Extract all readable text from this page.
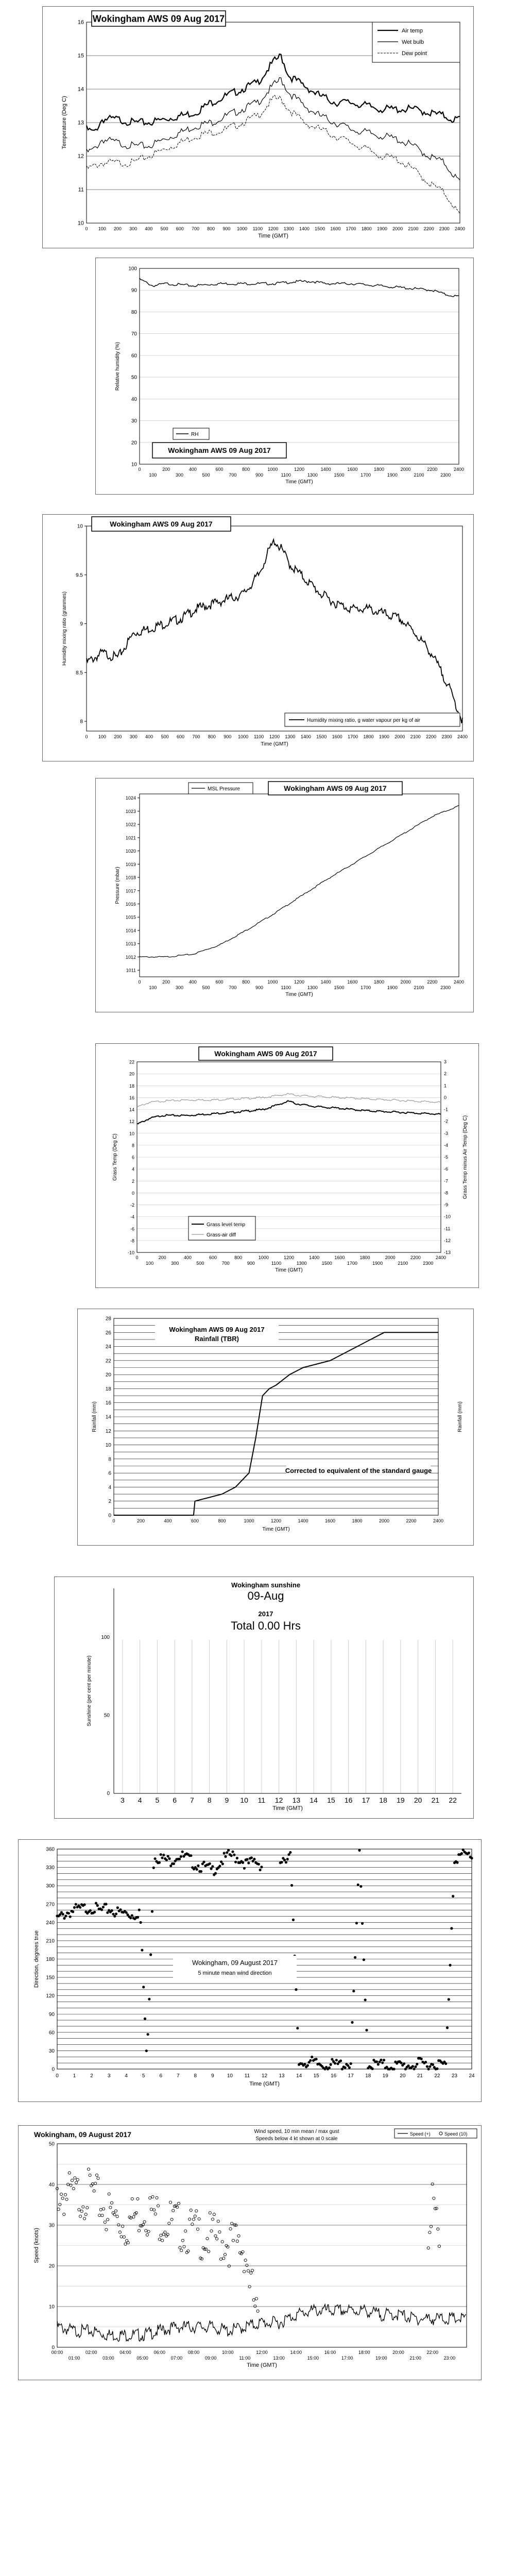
16
15
14
13
12
11
10
0 100 200 300 400 500 600 700 800 900 1000 1100 1200 1300 1400 1500 1600 1700 1800 1900 2000 2100 2200 2300 2400
Time (GMT)
Temperature (Deg C)
Wokingham AWS 09 Aug 2017
Air temp
Wet bulb
Dew point
100
90
80
70
60
50
40
30
20
10
0	200	400	600	800	1000	1200	1400	1600	1800	2000	2200	2400
100	300	500	700	900	1100	1300	1500	1700	1900	2100	2300
Time (GMT)
Relative humidity (%)
RH
Wokingham AWS 09 Aug 2017
10
9.5
9
8.5
8
0 100 200 300 400 500 600 700 800 900 1000 1100 1200 1300 1400 1500 1600 1700 1800 1900 2000 2100 2200 2300 2400
Time (GMT)
Humidity mixing ratio (grammes)
Wokingham AWS 09 Aug 2017
Humidity mixing ratio, g water vapour per kg of air
1024
1023
1022
1021
1020
1019
1018
1017
1016
1015
1014
1013
1012
1011
0	200	400	600	800	1000	1200	1400	1600	1800	2000	2200	2400
100	300	500	700	900	1100	1300	1500	1700	1900	2100	2300
Time (GMT)
Pressure (mbar)
MSL Pressure	Wokingham AWS 09 Aug 2017
22
20
18
16
14
12
10
8
6
4
2
0
-2
-4
-6
-8
-10
3
2
1
0
-1
-2
-3
-4
-5
-6
-7
-8
-9
-10
-11
-12
-13
0	200	400	600	800	1000	1200	1400	1600	1800	2000	2200	2400
100	300	500	700	900	1100	1300	1500	1700	1900	2100	2300
Time (GMT)
Grass Temp (Deg C)	Grass Temp minus Air Temp (Deg C)
Wokingham AWS 09 Aug 2017
Grass level temp
Grass-air diff
28
26
24
22
20
18
16
14
12
10
8
6
4
2
0
0	200	400	600	800	1000	1200	1400	1600	1800	2000	2200	2400
Time (GMT)
Rainfall (mm)	Rainfall (mm)
Wokingham AWS 09 Aug 2017
Rainfall (TBR)
Corrected to equivalent of the standard gauge
3 4 5 6 7 8 9 10 11 12 13 14 15 16 17 18 19 20 21 22
100
50
0
Time (GMT)
Sunshine (per cent per minute)
Wokingham sunshine
09-Aug
2017
Total 0.00 Hrs
360
330
300
270
240
210
180
150
120
90
60
30
0
0	1	2	3	4	5	6	7	8	9	10 11 12 13 14 15 16 17 18 19 20 21 22 23 24
Time (GMT)
Direction, degrees true	Wokingham, 09 August 2017
5 minute mean wind direction
50
40
30
20
10
0
00:00	02:00	04:00	06:00	08:00	10:00	12:00	14:00	16:00	18:00	20:00	22:00
01:00	03:00	05:00	07:00	09:00	11:00	13:00	15:00	17:00	19:00	21:00	23:00
Time (GMT)
Speed (knots)
Wokingham, 09 August 2017	Wind speed, 10 min mean / max gust
Speeds below 4 kt shown at 0 scale
Speed (+)	Speed (10)
